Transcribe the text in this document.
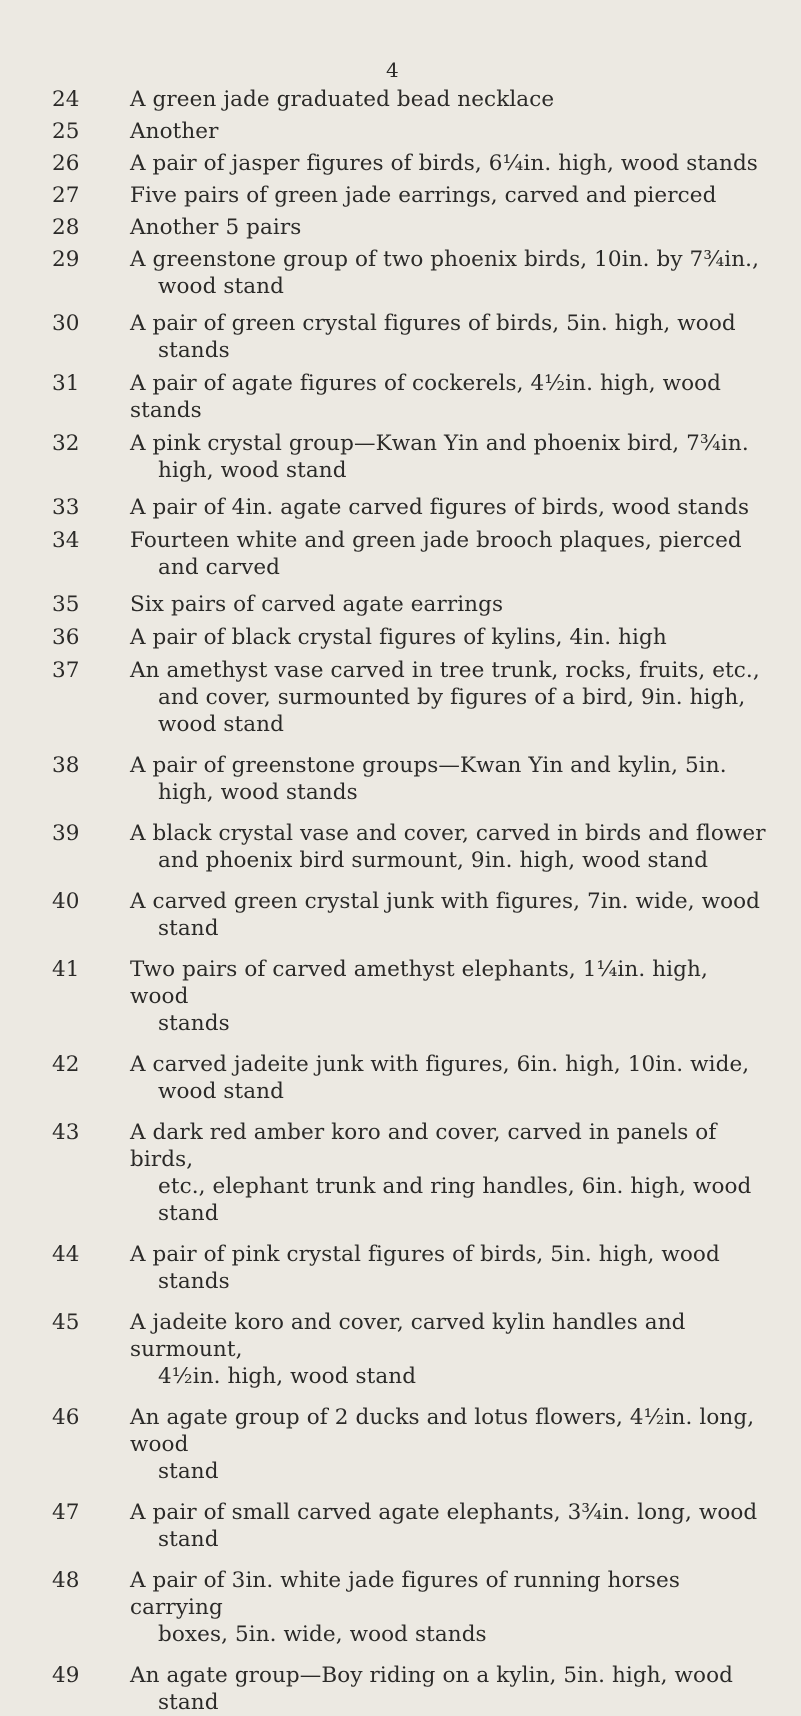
4
24	A green jade graduated bead necklace
25	Another
26	A pair of jasper figures of birds, 6¼in. high, wood stands
27	Five pairs of green jade earrings, carved and pierced
28	Another 5 pairs
29	A greenstone group of two phoenix birds, 10in. by 7¾in.,
wood stand
30	A pair of green crystal figures of birds, 5in. high, wood
stands
31	A pair of agate figures of cockerels, 4½in. high, wood stands
32	A pink crystal group—Kwan Yin and phoenix bird, 7¾in.
high, wood stand
33	A pair of 4in. agate carved figures of birds, wood stands
34	Fourteen white and green jade brooch plaques, pierced
and carved
35	Six pairs of carved agate earrings
36	A pair of black crystal figures of kylins, 4in. high
37	An amethyst vase carved in tree trunk, rocks, fruits, etc.,
and cover, surmounted by figures of a bird, 9in. high,
wood stand
38	A pair of greenstone groups—Kwan Yin and kylin, 5in.
high, wood stands
39	A black crystal vase and cover, carved in birds and flower
and phoenix bird surmount, 9in. high, wood stand
40	A carved green crystal junk with figures, 7in. wide, wood
stand
41	Two pairs of carved amethyst elephants, 1¼in. high, wood
stands
42	A carved jadeite junk with figures, 6in. high, 10in. wide,
wood stand
43	A dark red amber koro and cover, carved in panels of birds,
etc., elephant trunk and ring handles, 6in. high, wood
stand
44	A pair of pink crystal figures of birds, 5in. high, wood
stands
45	A jadeite koro and cover, carved kylin handles and surmount,
4½in. high, wood stand
46	An agate group of 2 ducks and lotus flowers, 4½in. long, wood
stand
47	A pair of small carved agate elephants, 3¾in. long, wood
stand
48	A pair of 3in. white jade figures of running horses carrying
boxes, 5in. wide, wood stands
49	An agate group—Boy riding on a kylin, 5in. high, wood
stand
